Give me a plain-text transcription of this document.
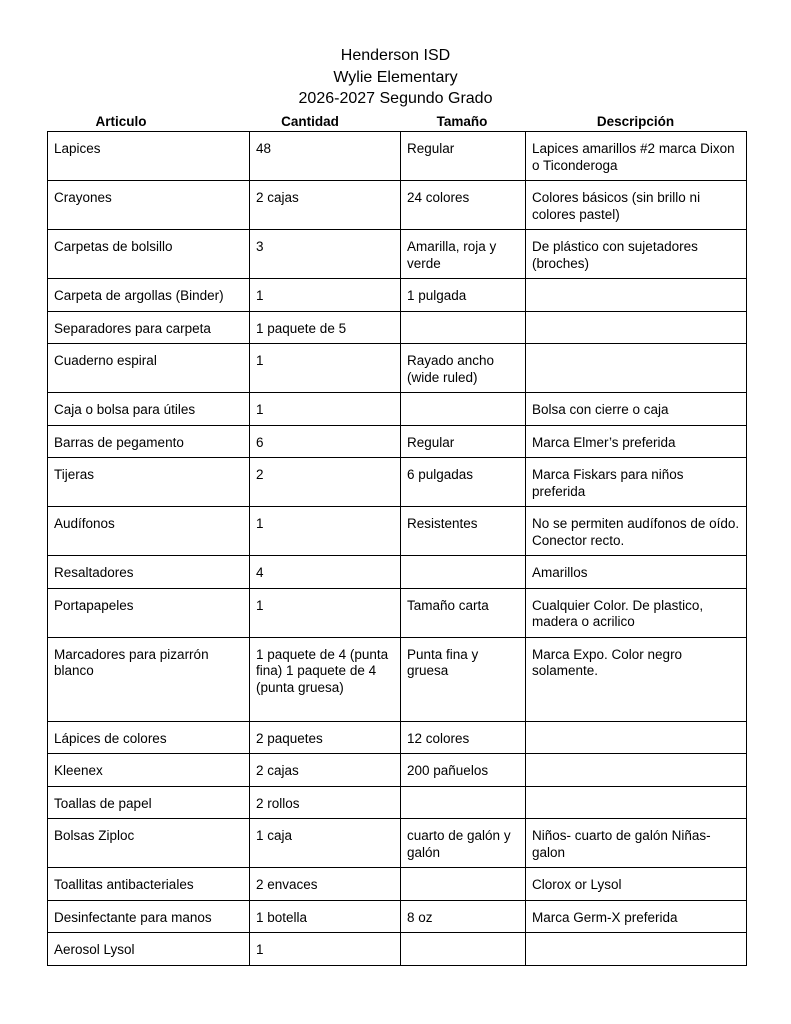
Henderson ISD
Wylie Elementary
2026-2027 Segundo Grado
Articulo	Cantidad	Tamaño	Descripción
Lapices	48	Regular	Lapices amarillos #2 marca Dixon o Ticonderoga
Crayones	2 cajas	24 colores	Colores básicos (sin brillo ni colores pastel)
Carpetas de bolsillo	3	Amarilla, roja y verde	De plástico con sujetadores (broches)
Carpeta de argollas (Binder)	1	1 pulgada	
Separadores para carpeta	1 paquete de 5		
Cuaderno espiral	1	Rayado ancho (wide ruled)	
Caja o bolsa para útiles	1		Bolsa con cierre o caja
Barras de pegamento	6	Regular	Marca Elmer’s preferida
Tijeras	2	6 pulgadas	Marca Fiskars para niños preferida
Audífonos	1	Resistentes	No se permiten audífonos de oído. Conector recto.
Resaltadores	4		Amarillos
Portapapeles	1	Tamaño carta	Cualquier Color. De plastico, madera o acrilico
Marcadores para pizarrón blanco	1 paquete de 4 (punta fina) 1 paquete de 4 (punta gruesa)	Punta fina y gruesa	Marca Expo. Color negro solamente.
Lápices de colores	2 paquetes	12 colores	
Kleenex	2 cajas	200 pañuelos	
Toallas de papel	2 rollos		
Bolsas Ziploc	1 caja	cuarto de galón y galón	Niños- cuarto de galón Niñas- galon
Toallitas antibacteriales	2 envaces		Clorox or Lysol
Desinfectante para manos	1 botella	8 oz	Marca Germ-X preferida
Aerosol Lysol	1		
